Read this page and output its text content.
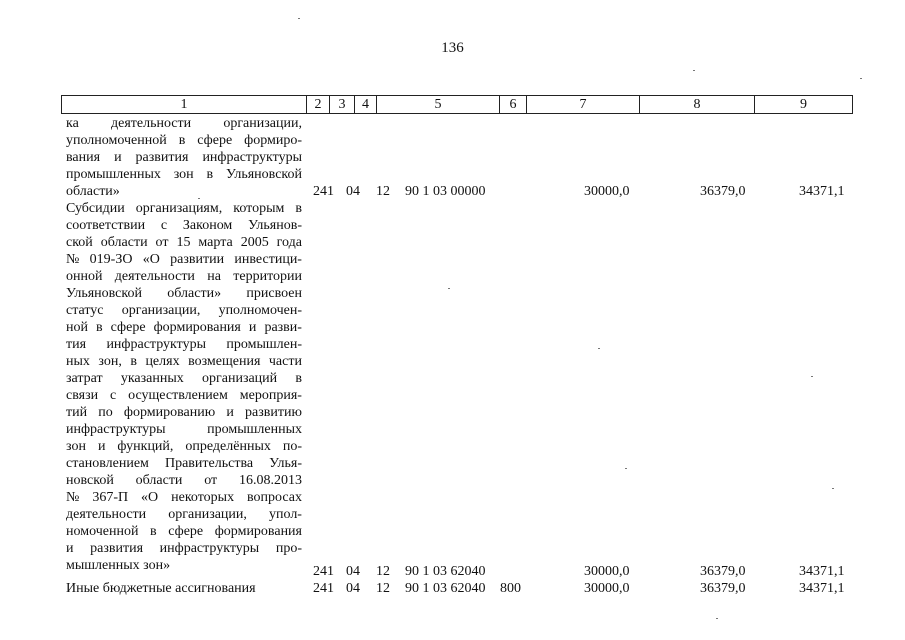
136
1	2	3	4	5	6	7	8	9
ка деятельности организации,
уполномоченной в сфере формиро-
вания и развития инфраструктуры
промышленных зон в Ульяновской
области»	241 04 12 90 1 03 00000	30000,0	36379,0	34371,1
Субсидии организациям, которым в
соответствии с Законом Ульянов-
ской области от 15 марта 2005 года
№ 019-ЗО «О развитии инвестици-
онной деятельности на территории
Ульяновской области» присвоен
статус организации, уполномочен-
ной в сфере формирования и разви-
тия инфраструктуры промышлен-
ных зон, в целях возмещения части
затрат указанных организаций в
связи с осуществлением мероприя-
тий по формированию и развитию
инфраструктуры	промышленных
зон и функций, определённых по-
становлением Правительства Улья-
новской области от 16.08.2013
№ 367-П «О некоторых вопросах
деятельности организации, упол-
номоченной в сфере формирования
и развития инфраструктуры про-
мышленных зон»	241 04 12 90 1 03 62040	30000,0	36379,0	34371,1
Иные бюджетные ассигнования	241 04 12 90 1 03 62040 800	30000,0	36379,0	34371,1
